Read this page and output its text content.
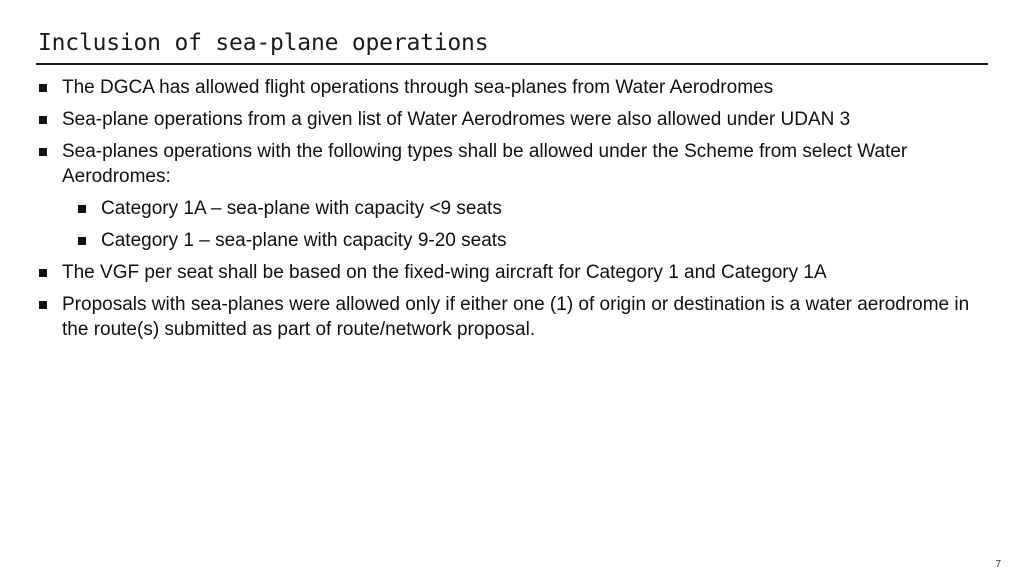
Inclusion of sea-plane operations
The DGCA has allowed flight operations through sea-planes from Water Aerodromes
Sea-plane operations from a given list of Water Aerodromes were also allowed under UDAN 3
Sea-planes operations with the following types shall be allowed under the Scheme from select Water Aerodromes:
Category 1A – sea-plane with capacity <9 seats
Category 1 – sea-plane with capacity 9-20 seats
The VGF per seat shall be based on the fixed-wing aircraft for Category 1 and Category 1A
Proposals with sea-planes were allowed only if either one (1) of origin or destination is a water aerodrome in the route(s) submitted as part of route/network proposal.
7
